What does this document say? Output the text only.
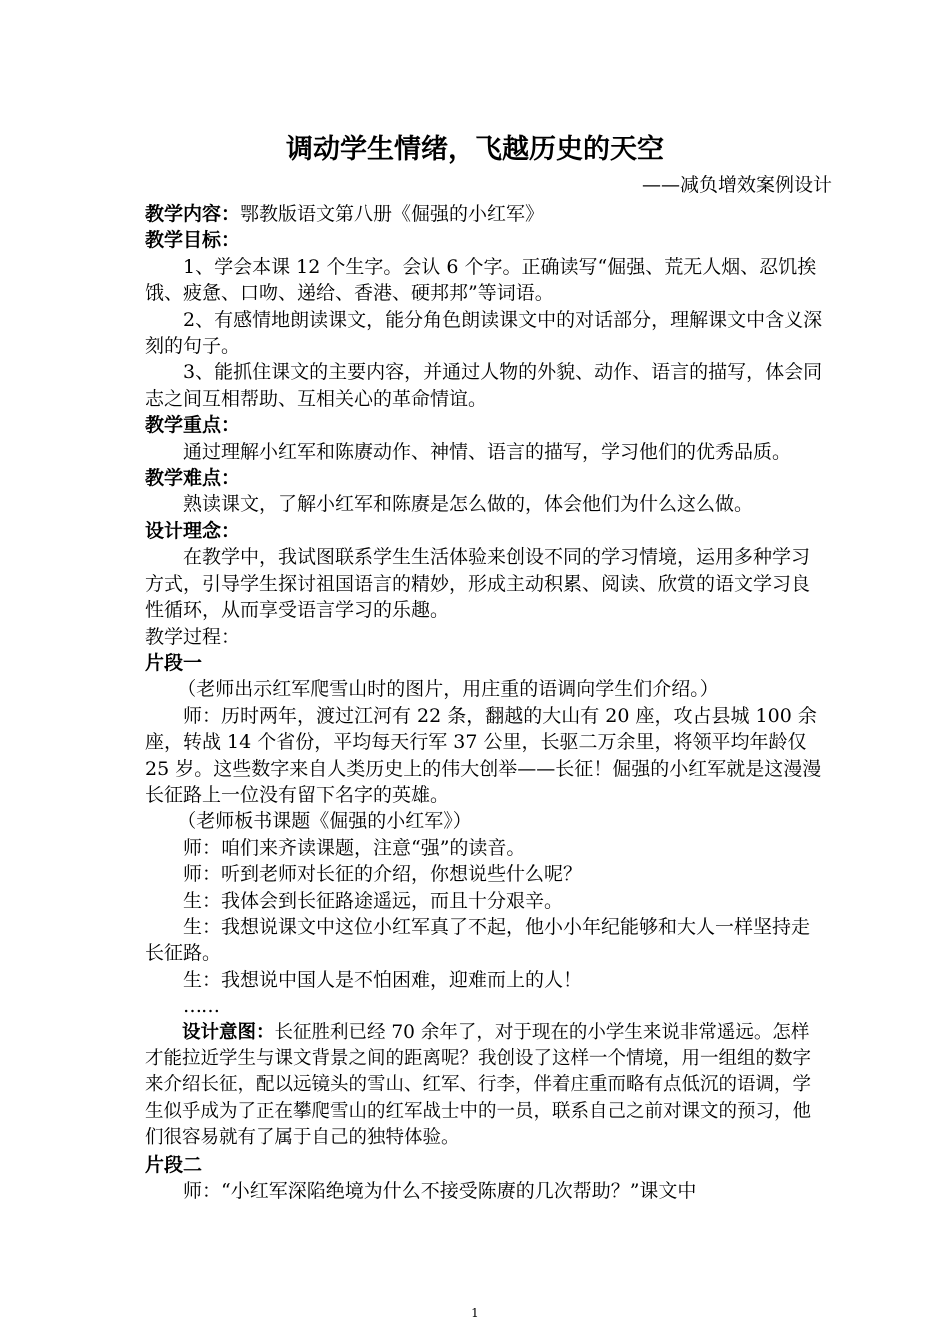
调动学生情绪，飞越历史的天空
——减负增效案例设计

教学内容：鄂教版语文第八册《倔强的小红军》

教学目标：

1、学会本课 12 个生字。会认 6 个字。正确读写“倔强、荒无人烟、忍饥挨饿、疲惫、口吻、递给、香港、硬邦邦”等词语。

2、有感情地朗读课文，能分角色朗读课文中的对话部分，理解课文中含义深刻的句子。

3、能抓住课文的主要内容，并通过人物的外貌、动作、语言的描写，体会同志之间互相帮助、互相关心的革命情谊。

教学重点：

通过理解小红军和陈赓动作、神情、语言的描写，学习他们的优秀品质。

教学难点：

熟读课文，了解小红军和陈赓是怎么做的，体会他们为什么这么做。

设计理念：

在教学中，我试图联系学生生活体验来创设不同的学习情境，运用多种学习方式，引导学生探讨祖国语言的精妙，形成主动积累、阅读、欣赏的语文学习良性循环，从而享受语言学习的乐趣。

教学过程：

片段一

（老师出示红军爬雪山时的图片，用庄重的语调向学生们介绍。）

师：历时两年，渡过江河有 22 条，翻越的大山有 20 座，攻占县城 100 余座，转战 14 个省份，平均每天行军 37 公里，长驱二万余里，将领平均年龄仅 25 岁。这些数字来自人类历史上的伟大创举——长征！倔强的小红军就是这漫漫长征路上一位没有留下名字的英雄。

（老师板书课题《倔强的小红军》）

师：咱们来齐读课题，注意“强”的读音。

师：听到老师对长征的介绍，你想说些什么呢？

生：我体会到长征路途遥远，而且十分艰辛。

生：我想说课文中这位小红军真了不起，他小小年纪能够和大人一样坚持走长征路。

生：我想说中国人是不怕困难，迎难而上的人！

……

设计意图：长征胜利已经 70 余年了，对于现在的小学生来说非常遥远。怎样才能拉近学生与课文背景之间的距离呢？我创设了这样一个情境，用一组组的数字来介绍长征，配以远镜头的雪山、红军、行李，伴着庄重而略有点低沉的语调，学生似乎成为了正在攀爬雪山的红军战士中的一员，联系自己之前对课文的预习，他们很容易就有了属于自己的独特体验。

片段二

师：“小红军深陷绝境为什么不接受陈赓的几次帮助？”课文中

1
